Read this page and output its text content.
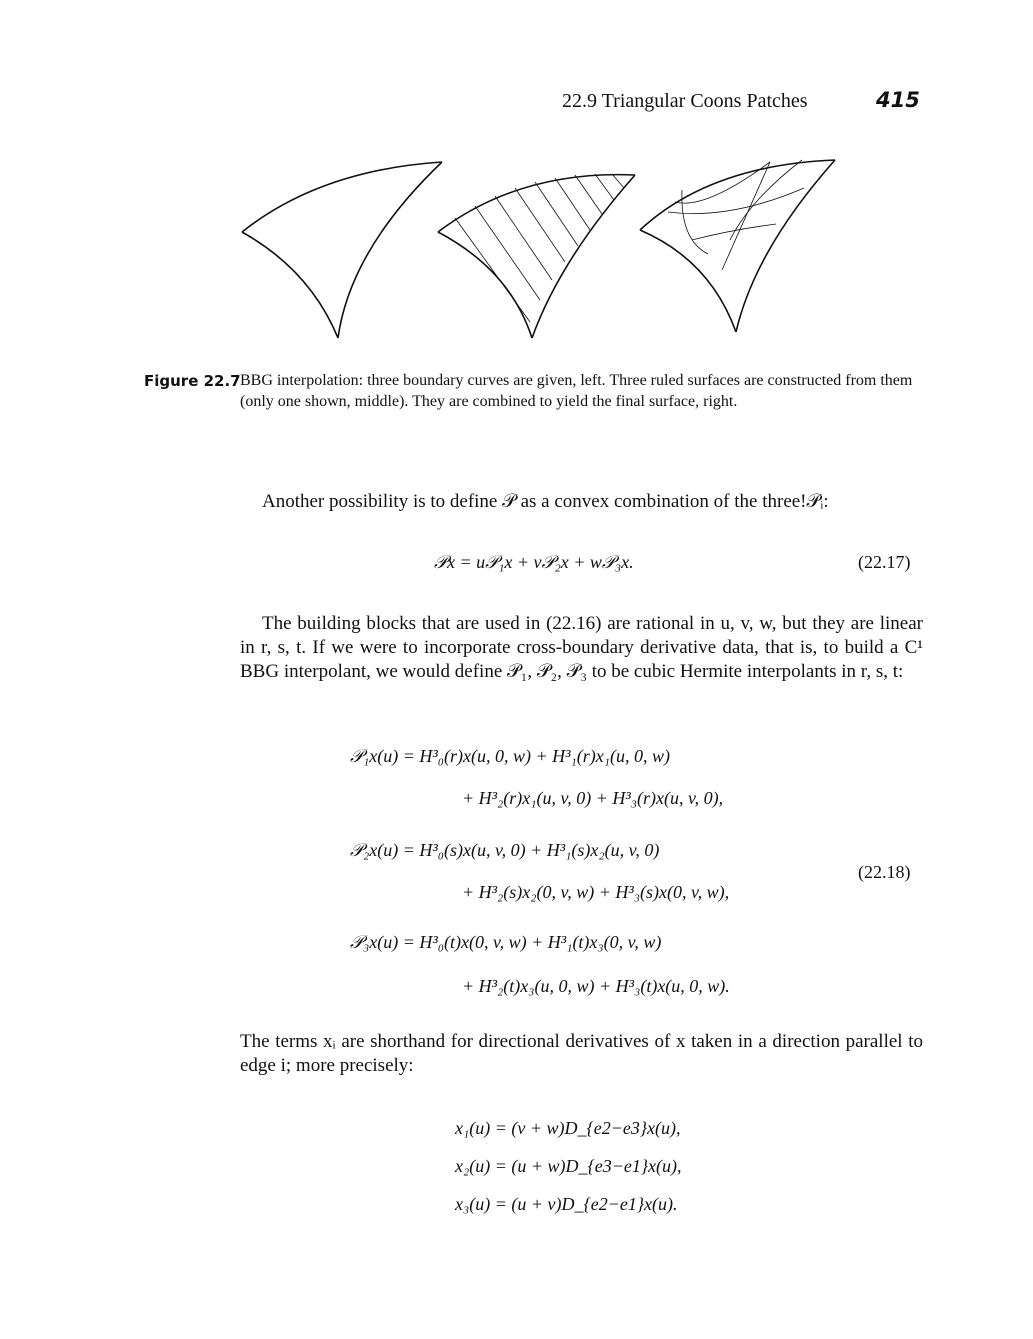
22.9 Triangular Coons Patches	415
Figure 22.7 BBG interpolation: three boundary curves are given, left. Three ruled surfaces are constructed from them (only one shown, middle). They are combined to yield the final surface, right.
Another possibility is to define 𝒫 as a convex combination of the three!𝒫ᵢ:
𝒫x = u𝒫₁x + v𝒫₂x + w𝒫₃x.	(22.17)
The building blocks that are used in (22.16) are rational in u, v, w, but they are linear in r, s, t. If we were to incorporate cross-boundary derivative data, that is, to build a C¹ BBG interpolant, we would define 𝒫₁, 𝒫₂, 𝒫₃ to be cubic Hermite interpolants in r, s, t:
𝒫₁x(u) = H³₀(r)x(u, 0, w) + H³₁(r)x₁(u, 0, w)
+ H³₂(r)x₁(u, v, 0) + H³₃(r)x(u, v, 0),
𝒫₂x(u) = H³₀(s)x(u, v, 0) + H³₁(s)x₂(u, v, 0)
+ H³₂(s)x₂(0, v, w) + H³₃(s)x(0, v, w),
𝒫₃x(u) = H³₀(t)x(0, v, w) + H³₁(t)x₃(0, v, w)
+ H³₂(t)x₃(u, 0, w) + H³₃(t)x(u, 0, w).
(22.18)
The terms xᵢ are shorthand for directional derivatives of x taken in a direction parallel to edge i; more precisely:
x₁(u) = (v + w)D_{e2−e3}x(u),
x₂(u) = (u + w)D_{e3−e1}x(u),
x₃(u) = (u + v)D_{e2−e1}x(u).
